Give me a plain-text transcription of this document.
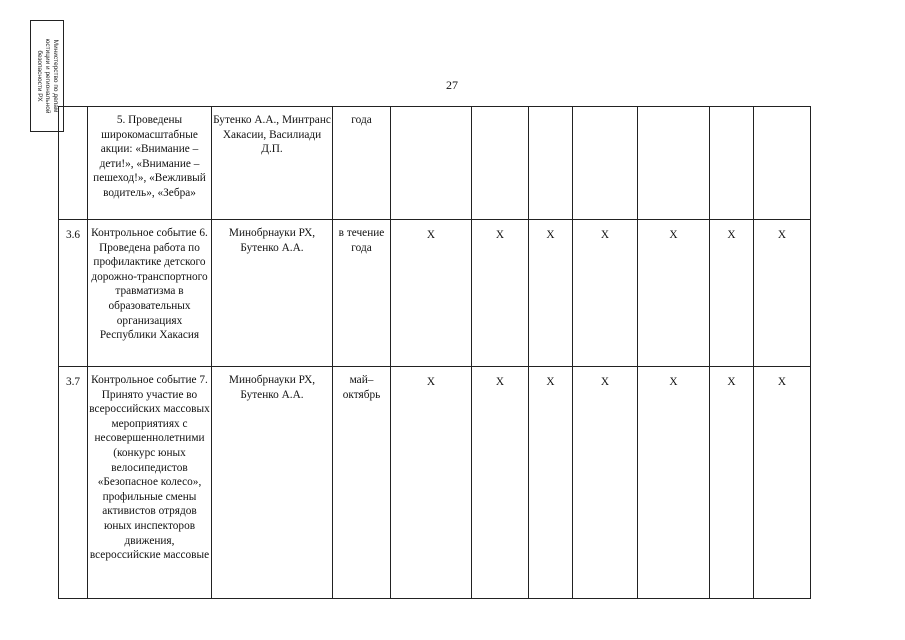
Министерство по делам
юстиции и региональной
безопасности РХ	27
	5. Проведены широкомасштабные акции: «Внимание – дети!», «Внимание – пешеход!», «Вежливый водитель», «Зебра»	Бутенко А.А., Минтранс Хакасии, Василиади Д.П.	года							
3.6	Контрольное событие 6. Проведена работа по профилактике детского дорожно-транспортного травматизма в образовательных организациях Республики Хакасия	Минобрнауки РХ, Бутенко А.А.	в течение года	Х	Х	Х	Х	Х	Х	Х
3.7	Контрольное событие 7. Принято участие во всероссийских массовых мероприятиях с несовершеннолетними (конкурс юных велосипедистов «Безопасное колесо», профильные смены активистов отрядов юных инспекторов движения, всероссийские массовые	Минобрнауки РХ, Бутенко А.А.	май–октябрь	Х	Х	Х	Х	Х	Х	Х
